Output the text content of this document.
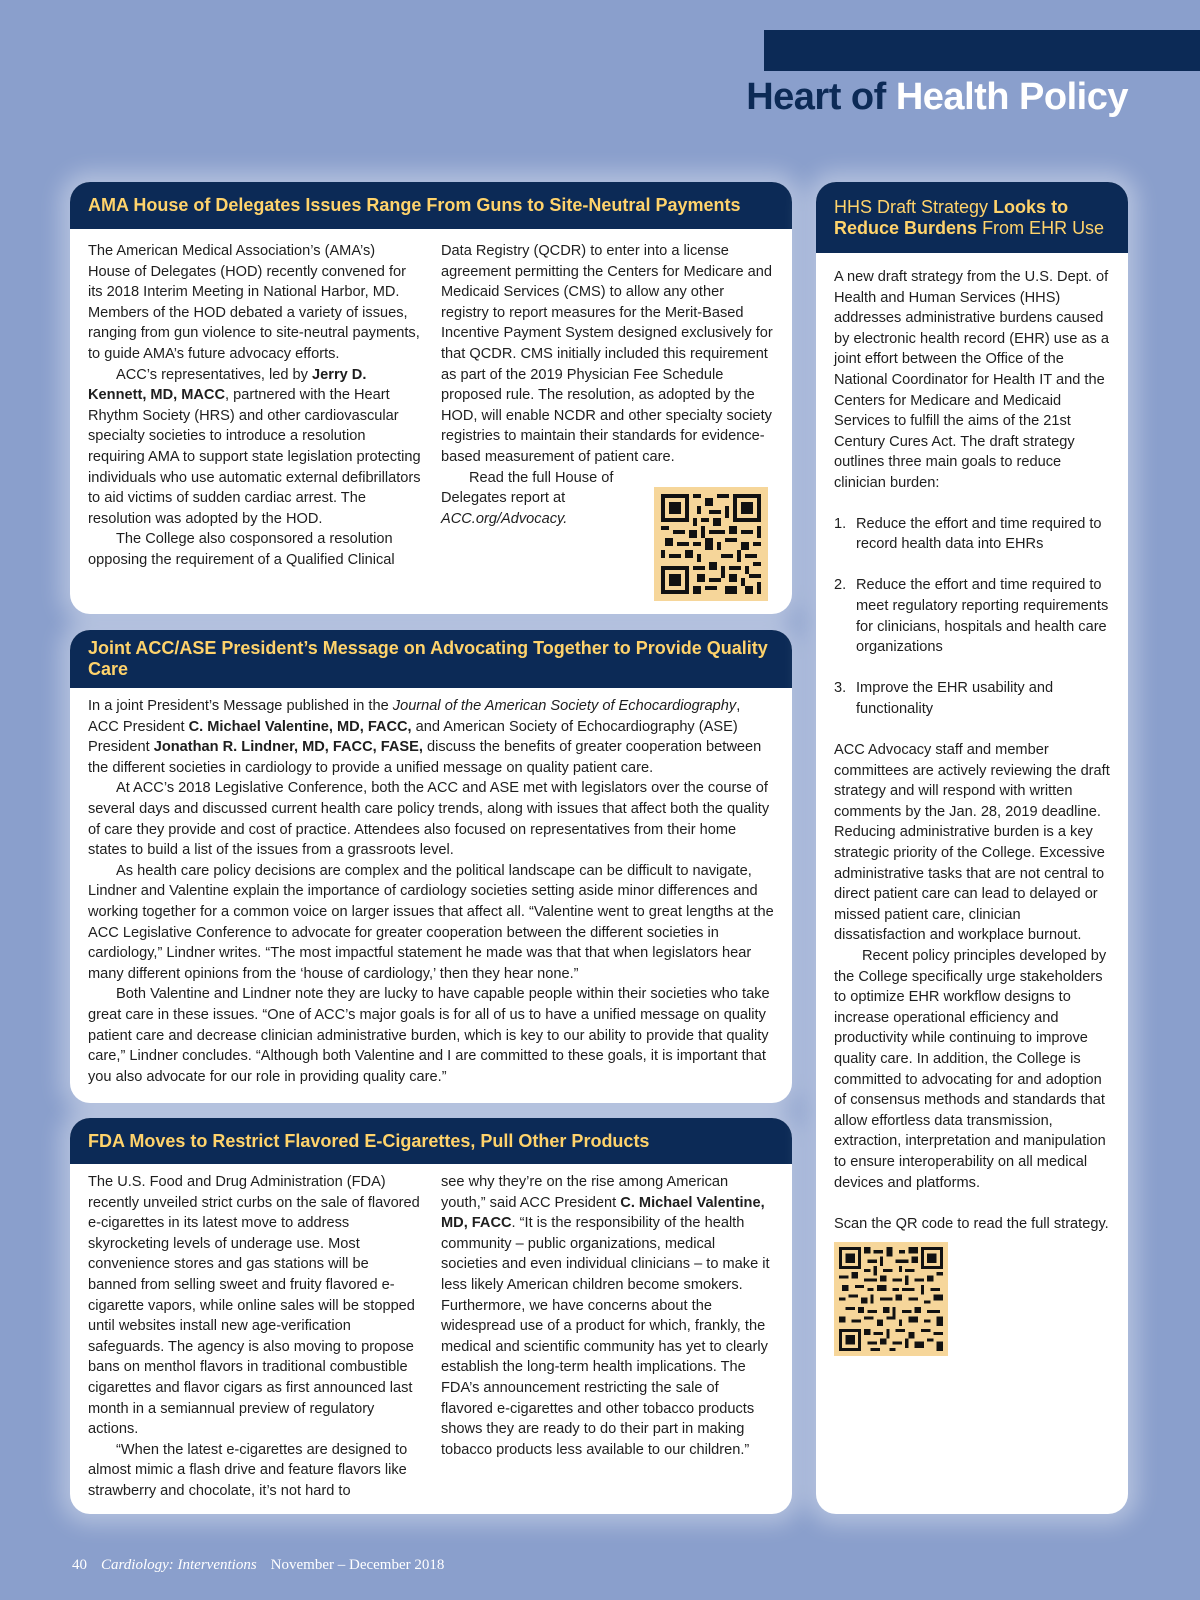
Heart of Health Policy
AMA House of Delegates Issues Range From Guns to Site-Neutral Payments

The American Medical Association’s (AMA’s) House of Delegates (HOD) recently convened for its 2018 Interim Meeting in National Harbor, MD. Members of the HOD debated a variety of issues, ranging from gun violence to site-neutral payments, to guide AMA’s future advocacy efforts.

ACC’s representatives, led by Jerry D. Kennett, MD, MACC, partnered with the Heart Rhythm Society (HRS) and other cardiovascular specialty societies to introduce a resolution requiring AMA to support state legislation protecting individuals who use automatic external defibrillators to aid victims of sudden cardiac arrest. The resolution was adopted by the HOD.

The College also cosponsored a resolution opposing the requirement of a Qualified Clinical

Data Registry (QCDR) to enter into a license agreement permitting the Centers for Medicare and Medicaid Services (CMS) to allow any other registry to report measures for the Merit-Based Incentive Payment System designed exclusively for that QCDR. CMS initially included this requirement as part of the 2019 Physician Fee Schedule proposed rule. The resolution, as adopted by the HOD, will enable NCDR and other specialty society registries to maintain their standards for evidence-based measurement of patient care.

Read the full House of Delegates report at ACC.org/Advocacy.

Joint ACC/ASE President’s Message on Advocating Together to Provide Quality Care

In a joint President’s Message published in the Journal of the American Society of Echocardiography, ACC President C. Michael Valentine, MD, FACC, and American Society of Echocardiography (ASE) President Jonathan R. Lindner, MD, FACC, FASE, discuss the benefits of greater cooperation between the different societies in cardiology to provide a unified message on quality patient care.

At ACC’s 2018 Legislative Conference, both the ACC and ASE met with legislators over the course of several days and discussed current health care policy trends, along with issues that affect both the quality of care they provide and cost of practice. Attendees also focused on representatives from their home states to build a list of the issues from a grassroots level.

As health care policy decisions are complex and the political landscape can be difficult to navigate, Lindner and Valentine explain the importance of cardiology societies setting aside minor differences and working together for a common voice on larger issues that affect all. “Valentine went to great lengths at the ACC Legislative Conference to advocate for greater cooperation between the different societies in cardiology,” Lindner writes. “The most impactful statement he made was that that when legislators hear many different opinions from the ‘house of cardiology,’ then they hear none.”

Both Valentine and Lindner note they are lucky to have capable people within their societies who take great care in these issues. “One of ACC’s major goals is for all of us to have a unified message on quality patient care and decrease clinician administrative burden, which is key to our ability to provide that quality care,” Lindner concludes. “Although both Valentine and I are committed to these goals, it is important that you also advocate for our role in providing quality care.”

FDA Moves to Restrict Flavored E-Cigarettes, Pull Other Products

The U.S. Food and Drug Administration (FDA) recently unveiled strict curbs on the sale of flavored e-cigarettes in its latest move to address skyrocketing levels of underage use. Most convenience stores and gas stations will be banned from selling sweet and fruity flavored e-cigarette vapors, while online sales will be stopped until websites install new age-verification safeguards. The agency is also moving to propose bans on menthol flavors in traditional combustible cigarettes and flavor cigars as first announced last month in a semiannual preview of regulatory actions.

“When the latest e-cigarettes are designed to almost mimic a flash drive and feature flavors like strawberry and chocolate, it’s not hard to

see why they’re on the rise among American youth,” said ACC President C. Michael Valentine, MD, FACC. “It is the responsibility of the health community – public organizations, medical societies and even individual clinicians – to make it less likely American children become smokers. Furthermore, we have concerns about the widespread use of a product for which, frankly, the medical and scientific community has yet to clearly establish the long-term health implications. The FDA’s announcement restricting the sale of flavored e-cigarettes and other tobacco products shows they are ready to do their part in making tobacco products less available to our children.”

HHS Draft Strategy Looks to Reduce Burdens From EHR Use

A new draft strategy from the U.S. Dept. of Health and Human Services (HHS) addresses administrative burdens caused by electronic health record (EHR) use as a joint effort between the Office of the National Coordinator for Health IT and the Centers for Medicare and Medicaid Services to fulfill the aims of the 21st Century Cures Act. The draft strategy outlines three main goals to reduce clinician burden:

1. Reduce the effort and time required to record health data into EHRs
2. Reduce the effort and time required to meet regulatory reporting requirements for clinicians, hospitals and health care organizations
3. Improve the EHR usability and functionality

ACC Advocacy staff and member committees are actively reviewing the draft strategy and will respond with written comments by the Jan. 28, 2019 deadline. Reducing administrative burden is a key strategic priority of the College. Excessive administrative tasks that are not central to direct patient care can lead to delayed or missed patient care, clinician dissatisfaction and workplace burnout.

Recent policy principles developed by the College specifically urge stakeholders to optimize EHR workflow designs to increase operational efficiency and productivity while continuing to improve quality care. In addition, the College is committed to advocating for and adoption of consensus methods and standards that allow effortless data transmission, extraction, interpretation and manipulation to ensure interoperability on all medical devices and platforms.

Scan the QR code to read the full strategy.

40 Cardiology: Interventions November – December 2018
